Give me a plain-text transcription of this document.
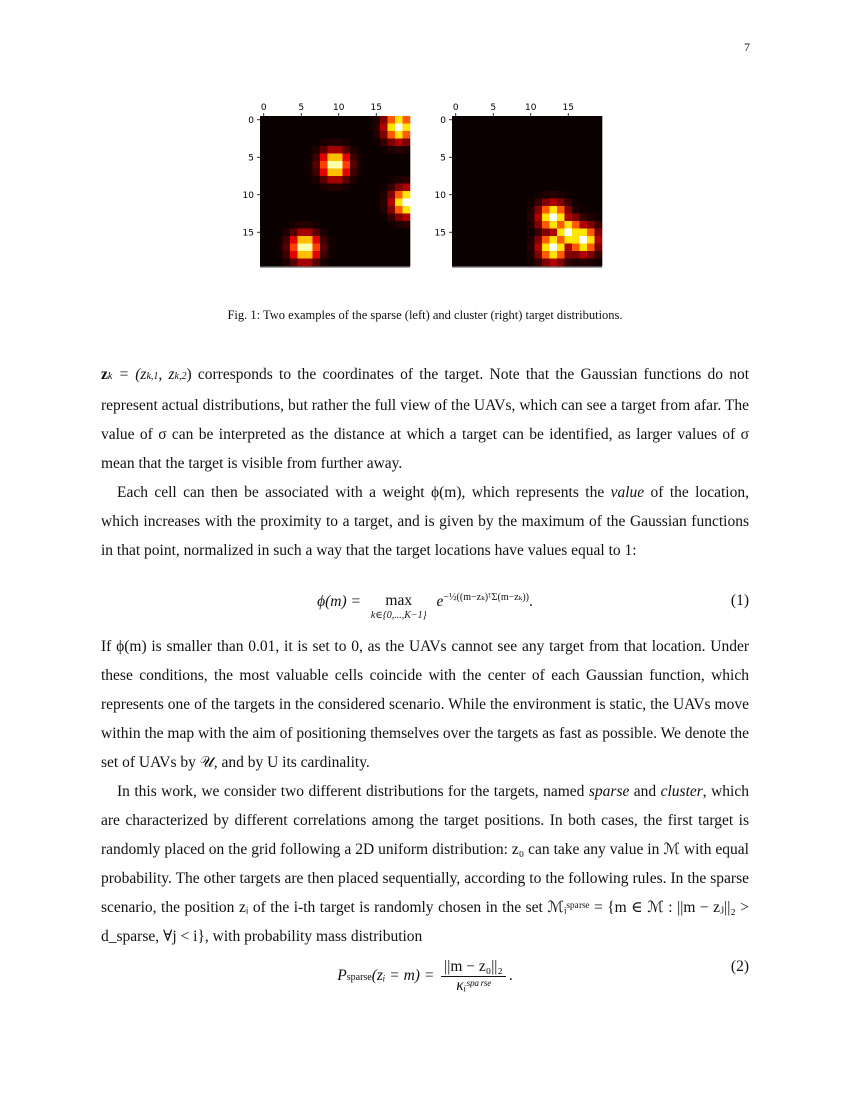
7
0	5	10	15
0
5
10
15
0	5	10	15
0
5
10
15
Fig. 1: Two examples of the sparse (left) and cluster (right) target distributions.

zk = (zk,1, zk,2) corresponds to the coordinates of the target. Note that the Gaussian functions do not represent actual distributions, but rather the full view of the UAVs, which can see a target from afar. The value of σ can be interpreted as the distance at which a target can be identified, as larger values of σ mean that the target is visible from further away.

Each cell can then be associated with a weight ϕ(m), which represents the value of the location, which increases with the proximity to a target, and is given by the maximum of the Gaussian functions in that point, normalized in such a way that the target locations have values equal to 1:

ϕ(m) =	max
k∈{0,...,K−1}
$e^{-\frac{1}{2}((m-z_k)ᵀ\Sigma(m-z_k))}$.	(1)

If ϕ(m) is smaller than 0.01, it is set to 0, as the UAVs cannot see any target from that location. Under these conditions, the most valuable cells coincide with the center of each Gaussian function, which represents one of the targets in the considered scenario. While the environment is static, the UAVs move within the map with the aim of positioning themselves over the targets as fast as possible. We denote the set of UAVs by 𝒰, and by U its cardinality.

In this work, we consider two different distributions for the targets, named sparse and cluster, which are characterized by different correlations among the target positions. In both cases, the first target is randomly placed on the grid following a 2D uniform distribution: z₀ can take any value in ℳ with equal probability. The other targets are then placed sequentially, according to the following rules. In the sparse scenario, the position zᵢ of the i-th target is randomly chosen in the set ℳᵢˢᵖᵃʳˢᵉ = {m ∈ ℳ : ||m − zⱼ||₂ > d_sparse, ∀j < i}, with probability mass distribution

Psparse(zᵢ = $m) = \frac{\text{||m − z₀||₂}}{\text{κᵢˢᵖᵃʳˢᵉ}}$ .
(2)
